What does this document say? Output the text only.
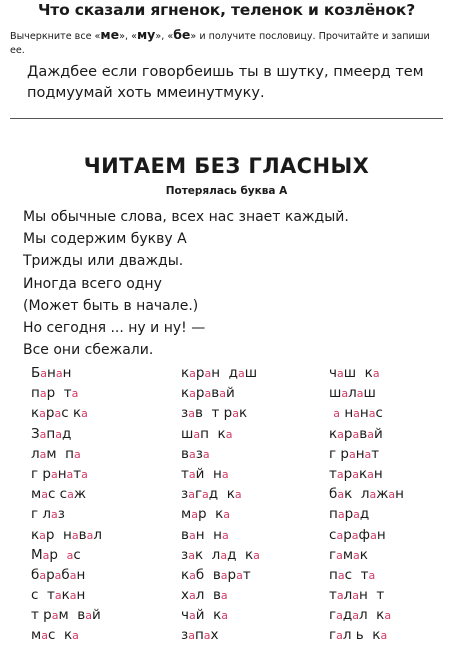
Что сказали ягненок, теленок и козлёнок?
Вычеркните все «ме», «му», «бе» и получите пословицу. Прочитайте и запиши ее.
Даждбее если говорбеишь ты в шутку, пмеерд тем подмуумай хоть ммеинутмуку.
ЧИТАЕМ БЕЗ ГЛАСНЫХ
Потерялась буква А
Мы обычные слова, всех нас знает каждый.
Мы содержим букву А
Трижды или дважды.
Иногда всего одну
(Может быть в начале.)
Но сегодня ... ну и ну! —
Все они сбежали.
Банан
пар  та
карас ка
Запад
лам  па
г раната
мас саж
г лаз
кар  навал
Мар  ас
барабан
с  такан
т рам  вай
мас  ка
каран  даш
каравай
зав  т рак
шап  ка
ваза
тай  на
загад  ка
мар  ка
ван  на
зак  лад  ка
каб  варат
хал  ва
чай  ка
запах
чаш  ка
шалаш
а нанас
каравай
г ранат
таракан
бак  лажан
парад
сарафан
гамак
пас  та
талан  т
гадал  ка
гал ь  ка
